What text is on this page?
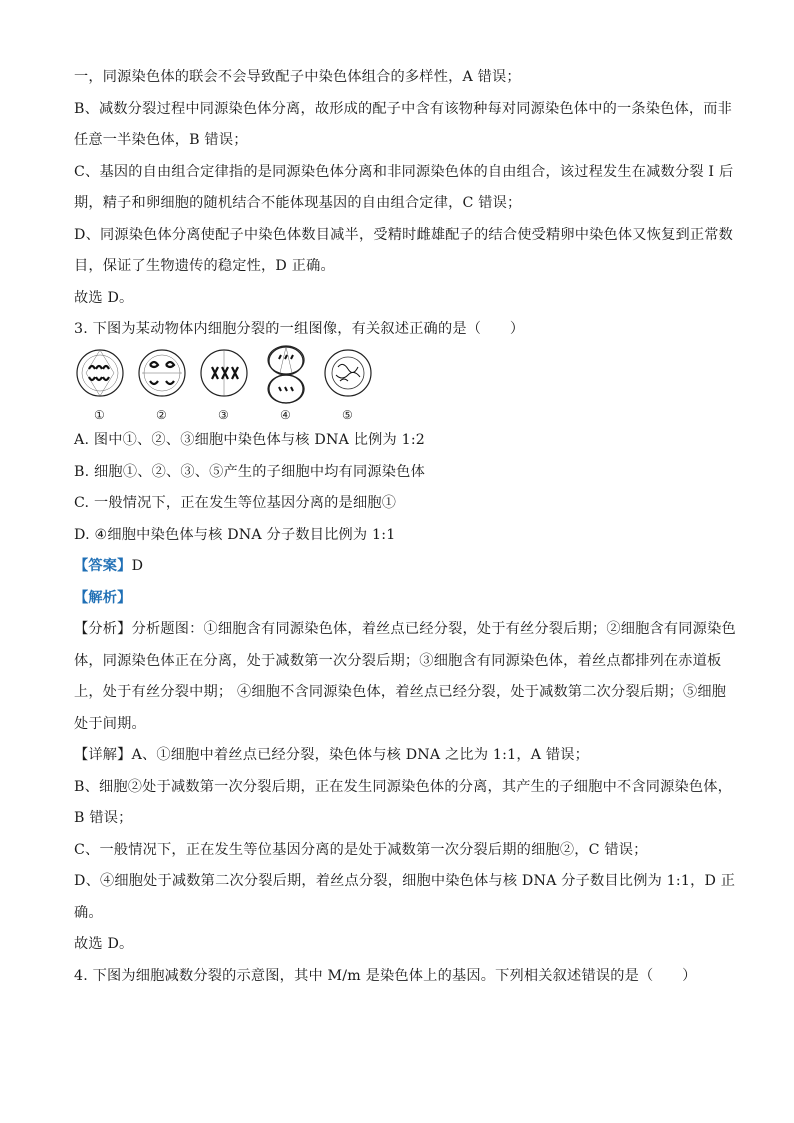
一，同源染色体的联会不会导致配子中染色体组合的多样性，A 错误；
B、减数分裂过程中同源染色体分离，故形成的配子中含有该物种每对同源染色体中的一条染色体，而非
任意一半染色体，B 错误；
C、基因的自由组合定律指的是同源染色体分离和非同源染色体的自由组合，该过程发生在减数分裂 I 后
期，精子和卵细胞的随机结合不能体现基因的自由组合定律，C 错误；
D、同源染色体分离使配子中染色体数目减半，受精时雌雄配子的结合使受精卵中染色体又恢复到正常数
目，保证了生物遗传的稳定性，D 正确。
故选 D。
3. 下图为某动物体内细胞分裂的一组图像，有关叙述正确的是（　　）
①	②	③	④	⑤
A. 图中①、②、③细胞中染色体与核 DNA 比例为 1:2
B. 细胞①、②、③、⑤产生的子细胞中均有同源染色体
C. 一般情况下，正在发生等位基因分离的是细胞①
D. ④细胞中染色体与核 DNA 分子数目比例为 1:1
【答案】D
【解析】
【分析】分析题图：①细胞含有同源染色体，着丝点已经分裂，处于有丝分裂后期；②细胞含有同源染色
体，同源染色体正在分离，处于减数第一次分裂后期；③细胞含有同源染色体，着丝点都排列在赤道板
上，处于有丝分裂中期； ④细胞不含同源染色体，着丝点已经分裂，处于减数第二次分裂后期；⑤细胞
处于间期。
【详解】A、①细胞中着丝点已经分裂，染色体与核 DNA 之比为 1:1，A 错误；
B、细胞②处于减数第一次分裂后期，正在发生同源染色体的分离，其产生的子细胞中不含同源染色体，
B 错误；
C、一般情况下，正在发生等位基因分离的是处于减数第一次分裂后期的细胞②，C 错误；
D、④细胞处于减数第二次分裂后期，着丝点分裂，细胞中染色体与核 DNA 分子数目比例为 1:1，D 正
确。
故选 D。
4. 下图为细胞减数分裂的示意图，其中 M/m 是染色体上的基因。下列相关叙述错误的是（　　）
